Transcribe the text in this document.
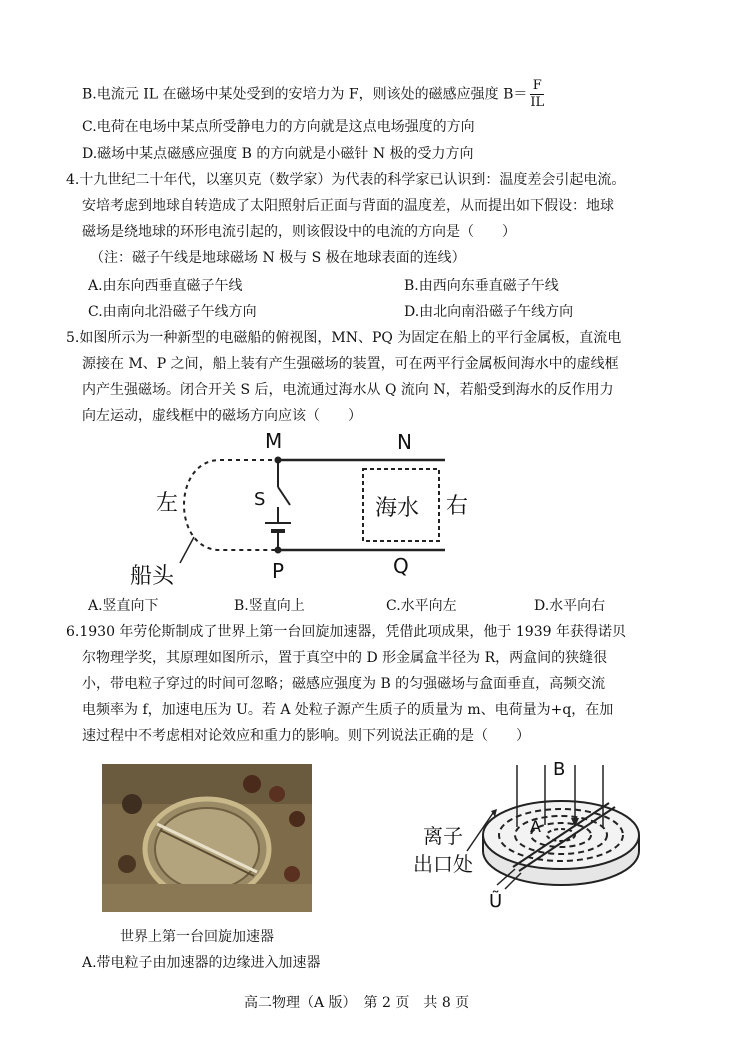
B.电流元 IL 在磁场中某处受到的安培力为 F，则该处的磁感应强度 $B= \frac{F}{IL}$
C.电荷在电场中某点所受静电力的方向就是这点电场强度的方向
D.磁场中某点磁感应强度 B 的方向就是小磁针 N 极的受力方向
4.十九世纪二十年代，以塞贝克（数学家）为代表的科学家已认识到：温度差会引起电流。
安培考虑到地球自转造成了太阳照射后正面与背面的温度差，从而提出如下假设：地球
磁场是绕地球的环形电流引起的，则该假设中的电流的方向是（　　）
（注：磁子午线是地球磁场 N 极与 S 极在地球表面的连线）
A.由东向西垂直磁子午线	B.由西向东垂直磁子午线
C.由南向北沿磁子午线方向	D.由北向南沿磁子午线方向
5.如图所示为一种新型的电磁船的俯视图，MN、PQ 为固定在船上的平行金属板，直流电
源接在 M、P 之间，船上装有产生强磁场的装置，可在两平行金属板间海水中的虚线框
内产生强磁场。闭合开关 S 后，电流通过海水从 Q 流向 N，若船受到海水的反作用力
向左运动，虚线框中的磁场方向应该（　　）
M	N
S
P	Q
左	右
海水
船头
A.竖直向下	B.竖直向上	C.水平向左	D.水平向右
6.1930 年劳伦斯制成了世界上第一台回旋加速器，凭借此项成果，他于 1939 年获得诺贝
尔物理学奖，其原理如图所示，置于真空中的 D 形金属盒半径为 R，两盒间的狭缝很
小，带电粒子穿过的时间可忽略；磁感应强度为 B 的匀强磁场与盒面垂直，高频交流
电频率为 f，加速电压为 U。若 A 处粒子源产生质子的质量为 m、电荷量为+q，在加
速过程中不考虑相对论效应和重力的影响。则下列说法正确的是（　　）
世界上第一台回旋加速器
B
A
离子
出口处
Ũ
A.带电粒子由加速器的边缘进入加速器
高二物理（A 版）　第 2 页　共 8 页
